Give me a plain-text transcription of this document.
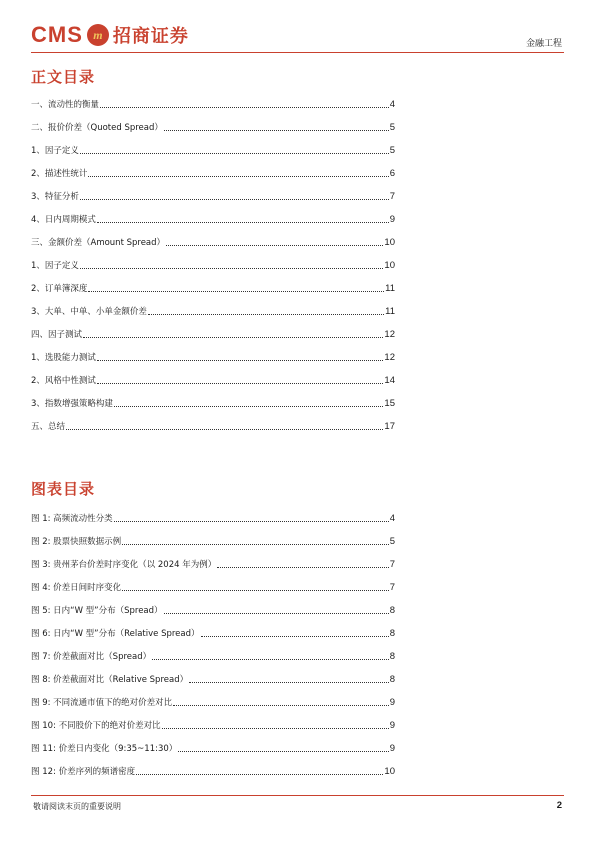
CMS m 招商证券	金融工程
正文目录
一、流动性的衡量	4
二、报价价差（Quoted Spread）	5
1、因子定义	5
2、描述性统计	6
3、特征分析	7
4、日内周期模式	9
三、金额价差（Amount Spread）	10
1、因子定义	10
2、订单簿深度	11
3、大单、中单、小单金额价差	11
四、因子测试	12
1、选股能力测试	12
2、风格中性测试	14
3、指数增强策略构建	15
五、总结	17
图表目录
图 1: 高频流动性分类	4
图 2: 股票快照数据示例	5
图 3: 贵州茅台价差时序变化（以 2024 年为例）	7
图 4: 价差日间时序变化	7
图 5: 日内“W 型”分布（Spread）	8
图 6: 日内“W 型”分布（Relative Spread）	8
图 7: 价差截面对比（Spread）	8
图 8: 价差截面对比（Relative Spread）	8
图 9: 不同流通市值下的绝对价差对比	9
图 10: 不同股价下的绝对价差对比	9
图 11: 价差日内变化（9:35~11:30）	9
图 12: 价差序列的频谱密度	10
敬请阅读末页的重要说明	2
